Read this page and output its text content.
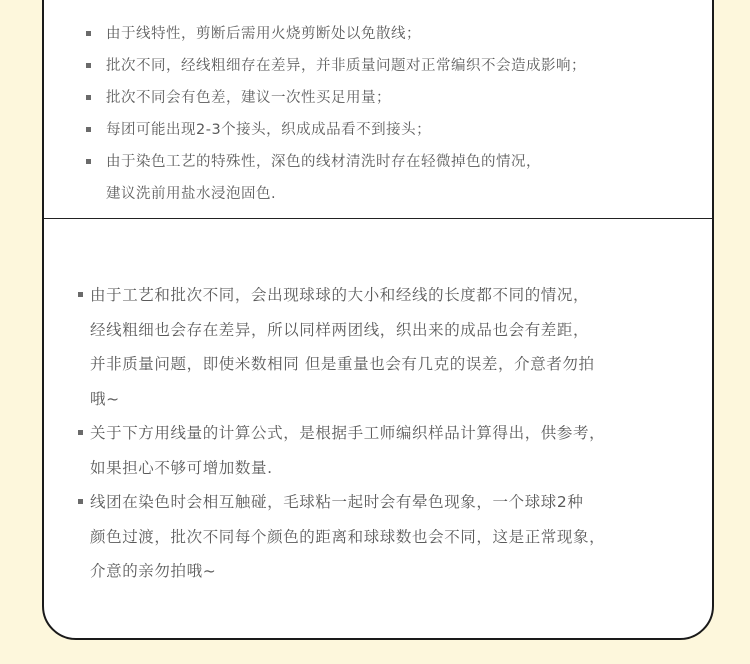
由于线特性，剪断后需用火烧剪断处以免散线；
批次不同，经线粗细存在差异，并非质量问题对正常编织不会造成影响；
批次不同会有色差，建议一次性买足用量；
每团可能出现2-3个接头，织成成品看不到接头；
由于染色工艺的特殊性，深色的线材清洗时存在轻微掉色的情况，
建议洗前用盐水浸泡固色.
由于工艺和批次不同，会出现球球的大小和经线的长度都不同的情况，
经线粗细也会存在差异，所以同样两团线，织出来的成品也会有差距，
并非质量问题，即使米数相同 但是重量也会有几克的误差，介意者勿拍
哦~
关于下方用线量的计算公式，是根据手工师编织样品计算得出，供参考，
如果担心不够可增加数量.
线团在染色时会相互触碰，毛球粘一起时会有晕色现象，一个球球2种
颜色过渡，批次不同每个颜色的距离和球球数也会不同，这是正常现象，
介意的亲勿拍哦~
